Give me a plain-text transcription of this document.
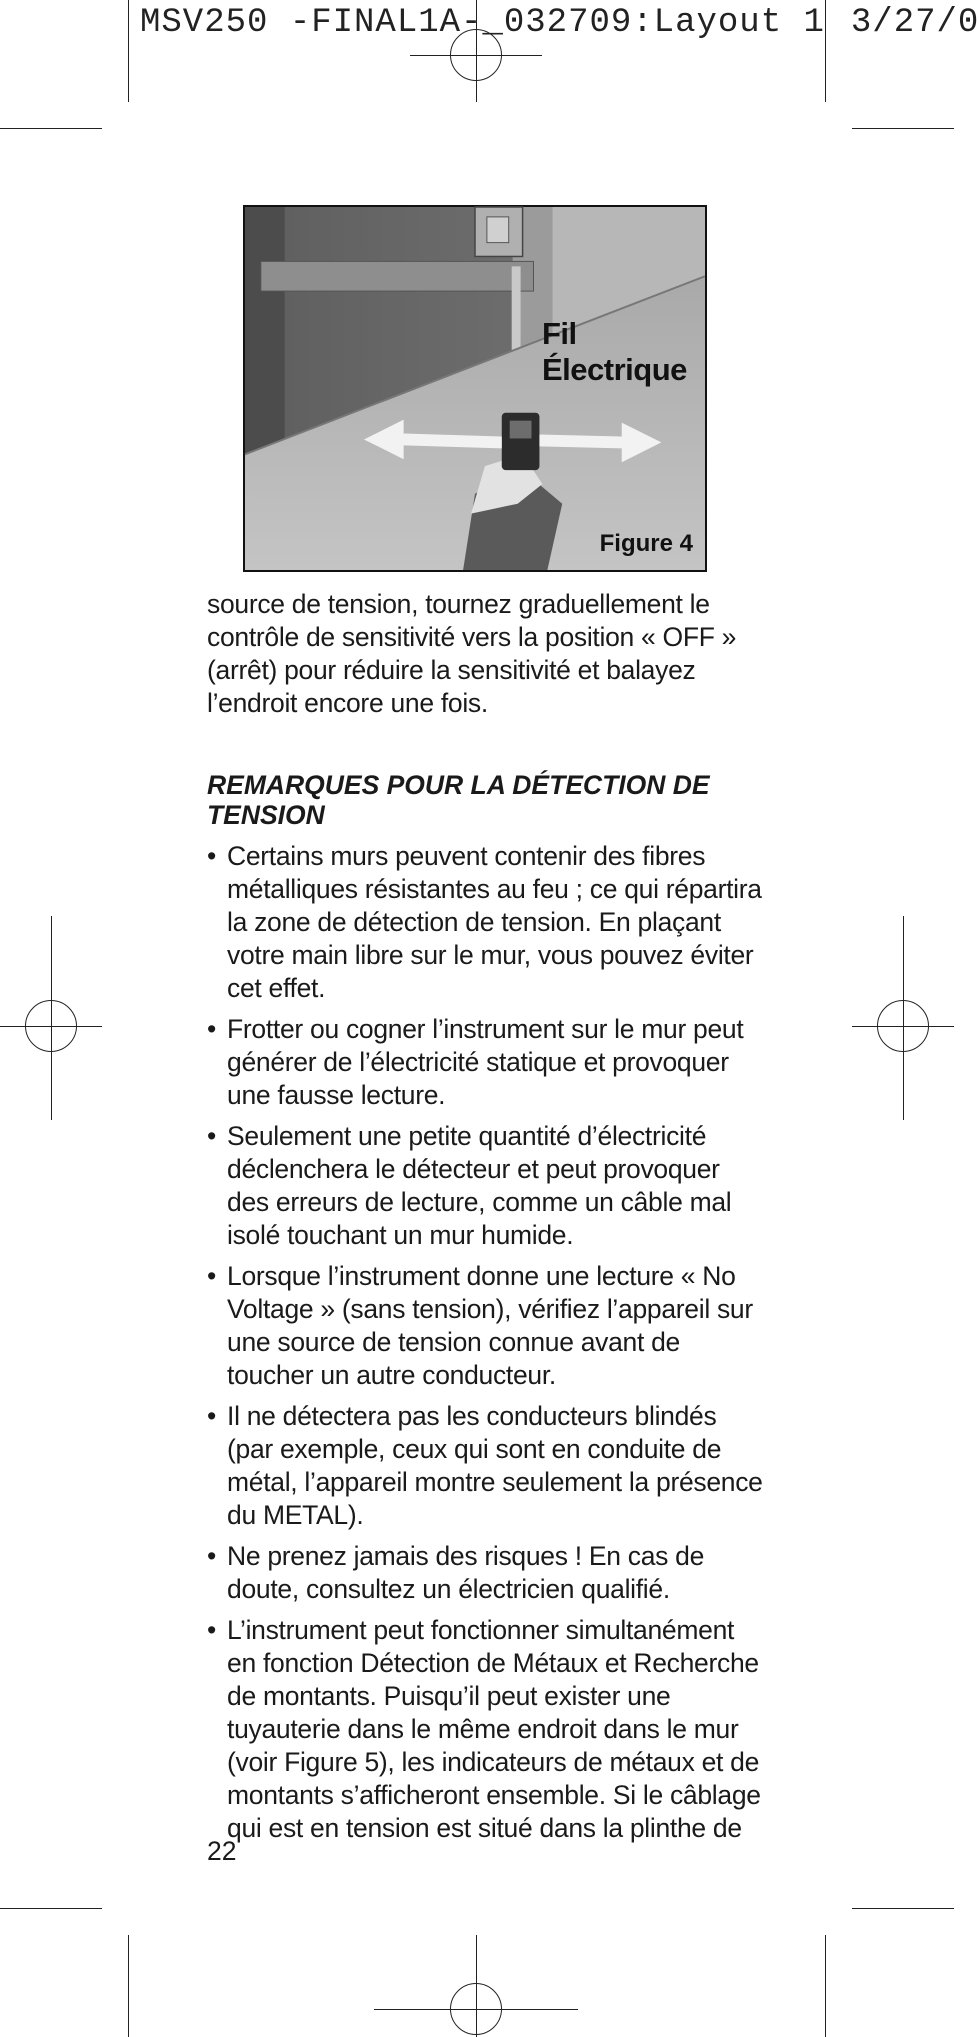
MSV250 -FINAL1A-_032709:Layout 1 3/27/0
Fil
Électrique
Figure 4

source de tension, tournez graduellement le contrôle de sensitivité vers la position « OFF » (arrêt) pour réduire la sensitivité et balayez l’endroit encore une fois.

REMARQUES POUR LA DÉTECTION DE TENSION
• Certains murs peuvent contenir des fibres métalliques résistantes au feu ; ce qui répartira la zone de détection de tension. En plaçant votre main libre sur le mur, vous pouvez éviter cet effet.
• Frotter ou cogner l’instrument sur le mur peut générer de l’électricité statique et provoquer une fausse lecture.
• Seulement une petite quantité d’électricité déclenchera le détecteur et peut provoquer des erreurs de lecture, comme un câble mal isolé touchant un mur humide.
• Lorsque l’instrument donne une lecture « No Voltage » (sans tension), vérifiez l’appareil sur une source de tension connue avant de toucher un autre conducteur.
• Il ne détectera pas les conducteurs blindés (par exemple, ceux qui sont en conduite de métal, l’appareil montre seulement la présence du METAL).
• Ne prenez jamais des risques ! En cas de doute, consultez un électricien qualifié.
• L’instrument peut fonctionner simultanément en fonction Détection de Métaux et Recherche de montants. Puisqu’il peut exister une tuyauterie dans le même endroit dans le mur (voir Figure 5), les indicateurs de métaux et de montants s’afficheront ensemble. Si le câblage qui est en tension est situé dans la plinthe de
22
